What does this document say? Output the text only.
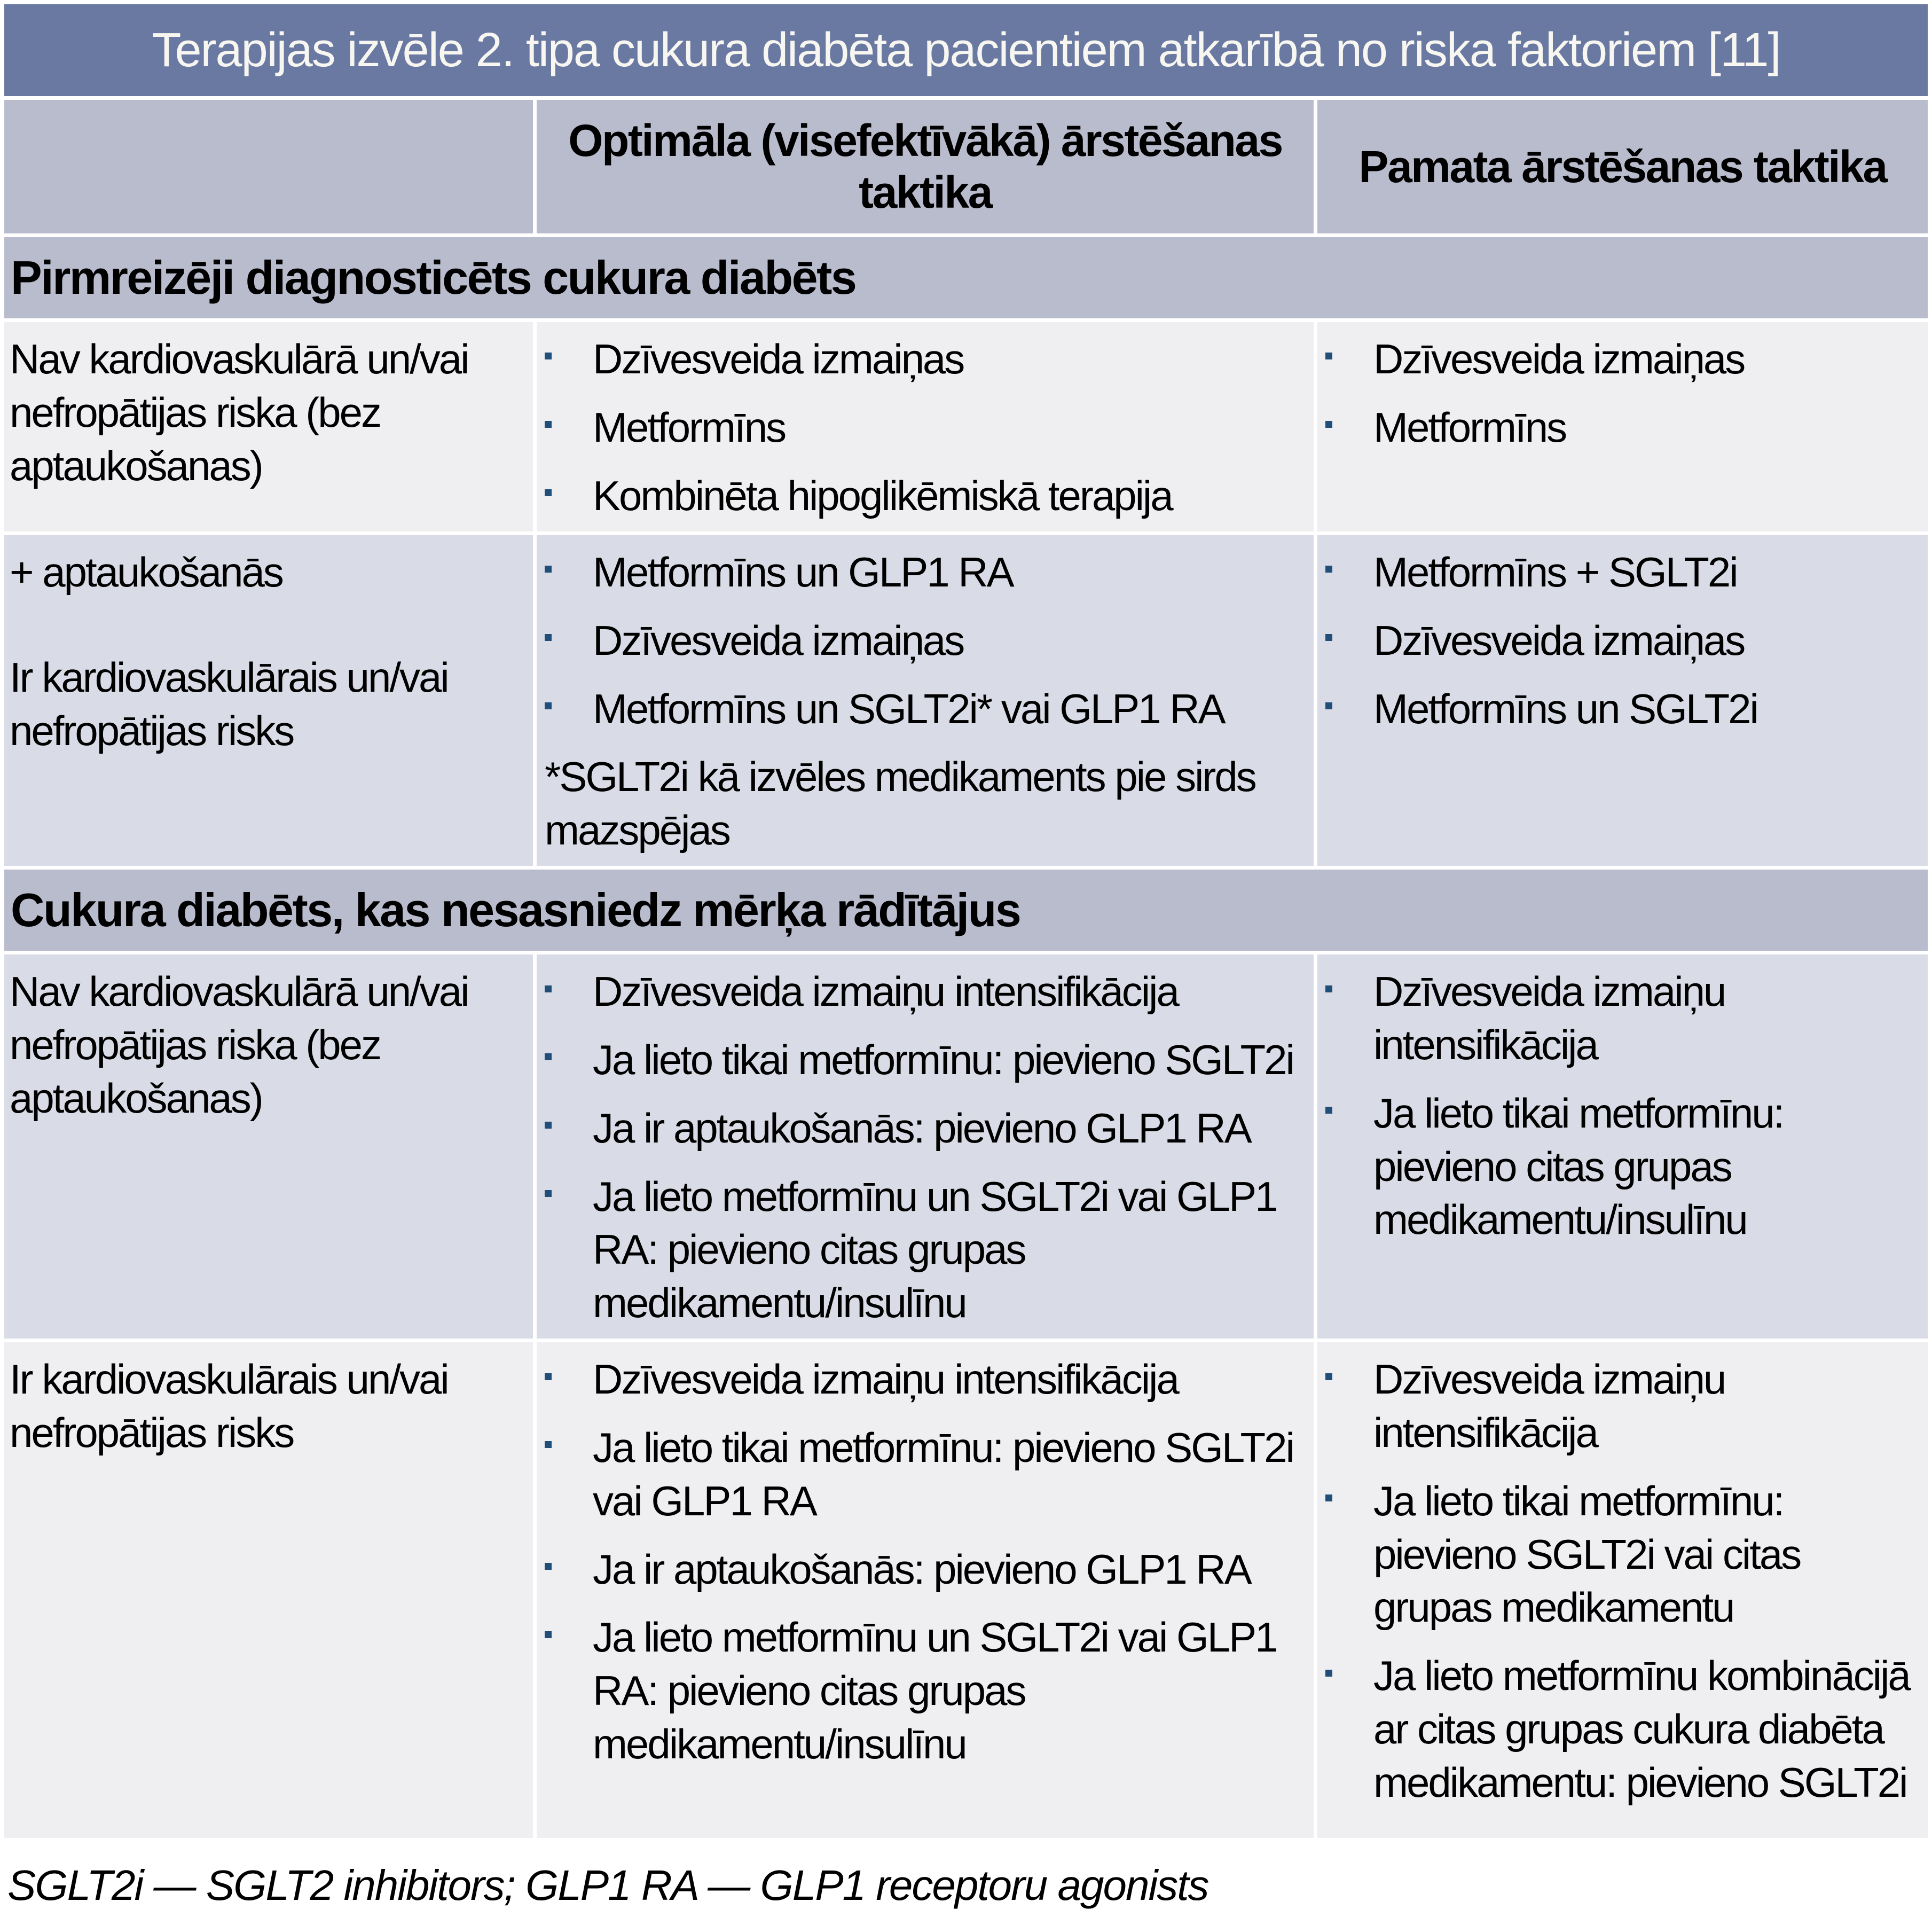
Terapijas izvēle 2. tipa cukura diabēta pacientiem atkarībā no riska faktoriem [11]
Optimāla (visefektīvākā) ārstēšanas taktika
Pamata ārstēšanas taktika
Pirmreizēji diagnosticēts cukura diabēts

Nav kardiovaskulārā un/vai nefropātijas riska (bez aptaukošanas)

Dzīvesveida izmaiņas
Metformīns
Kombinēta hipoglikēmiskā terapija
Dzīvesveida izmaiņas
Metformīns

+ aptaukošanās

Ir kardiovaskulārais un/vai nefropātijas risks

Metformīns un GLP1 RA
Dzīvesveida izmaiņas
Metformīns un SGLT2i* vai GLP1 RA

*SGLT2i kā izvēles medikaments pie sirds mazspējas

Metformīns + SGLT2i
Dzīvesveida izmaiņas
Metformīns un SGLT2i
Cukura diabēts, kas nesasniedz mērķa rādītājus

Nav kardiovaskulārā un/vai nefropātijas riska (bez aptaukošanas)

Dzīvesveida izmaiņu intensifikācija
Ja lieto tikai metformīnu: pievieno SGLT2i
Ja ir aptaukošanās: pievieno GLP1 RA
Ja lieto metformīnu un SGLT2i vai GLP1 RA: pievieno citas grupas medikamentu/insulīnu
Dzīvesveida izmaiņu intensifikācija
Ja lieto tikai metformīnu: pievieno citas grupas medikamentu/insulīnu

Ir kardiovaskulārais un/vai nefropātijas risks

Dzīvesveida izmaiņu intensifikācija
Ja lieto tikai metformīnu: pievieno SGLT2i vai GLP1 RA
Ja ir aptaukošanās: pievieno GLP1 RA
Ja lieto metformīnu un SGLT2i vai GLP1 RA: pievieno citas grupas medikamentu/insulīnu
Dzīvesveida izmaiņu intensifikācija
Ja lieto tikai metformīnu: pievieno SGLT2i vai citas grupas medikamentu
Ja lieto metformīnu kombinācijā ar citas grupas cukura diabēta medikamentu: pievieno SGLT2i
SGLT2i — SGLT2 inhibitors; GLP1 RA — GLP1 receptoru agonists
